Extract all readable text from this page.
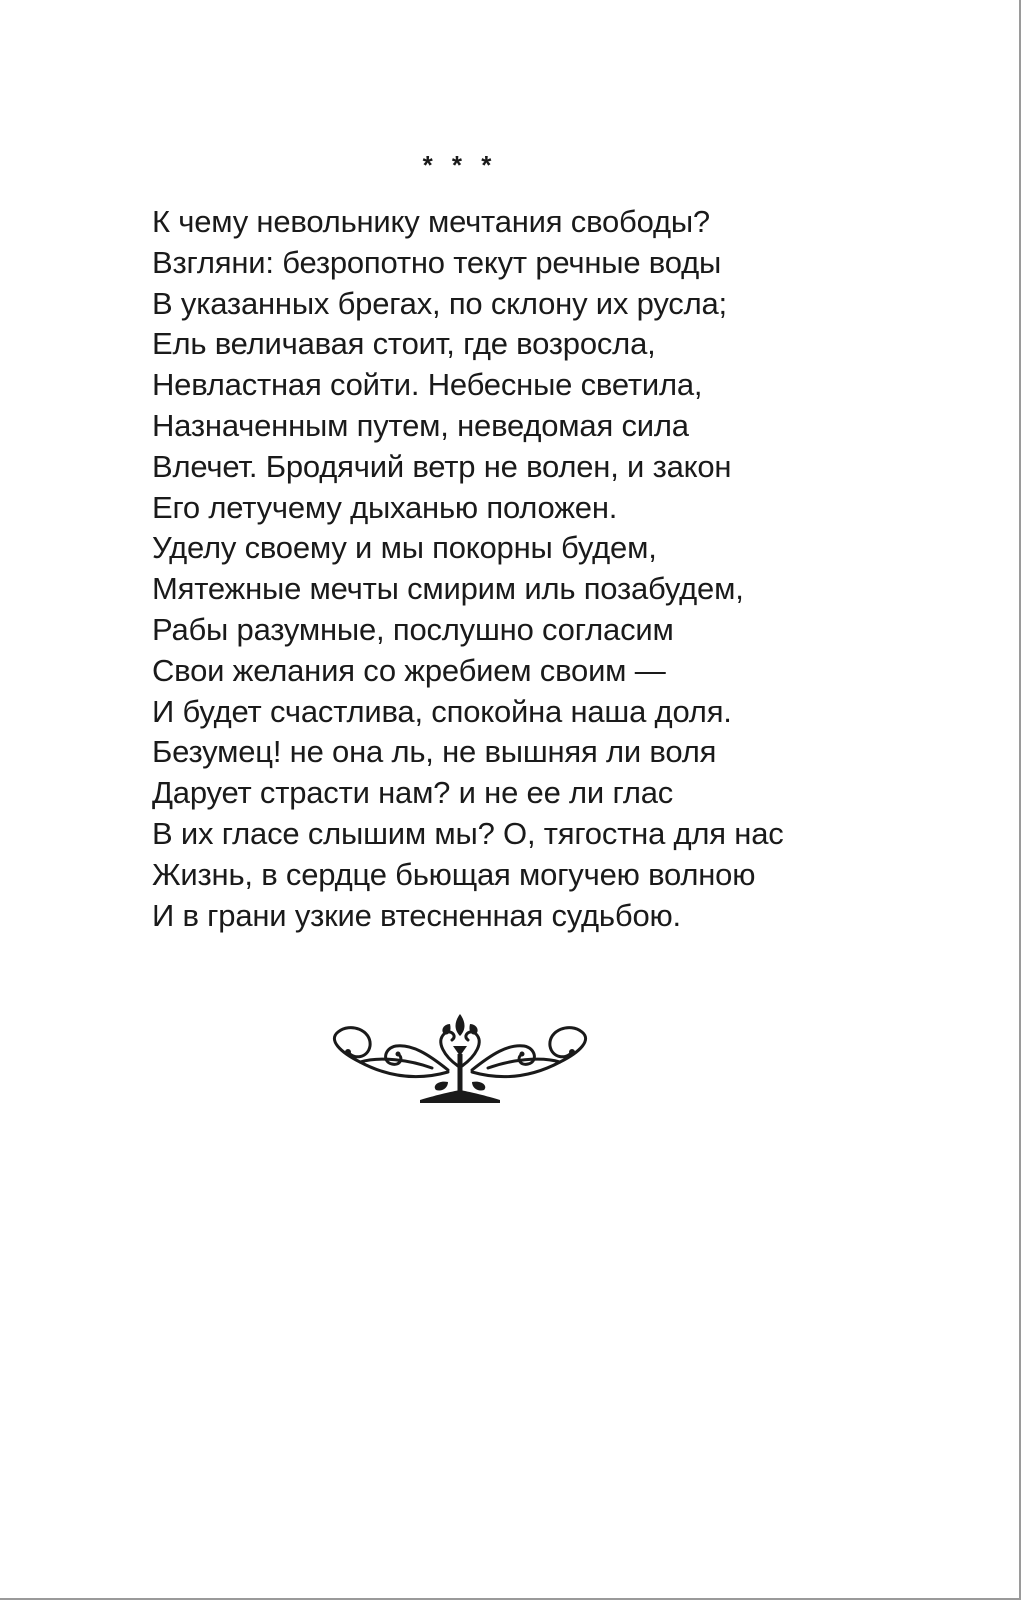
* * *
К чему невольнику мечтания свободы?
Взгляни: безропотно текут речные воды
В указанных брегах, по склону их русла;
Ель величавая стоит, где возросла,
Невластная сойти. Небесные светила,
Назначенным путем, неведомая сила
Влечет. Бродячий ветр не волен, и закон
Его летучему дыханью положен.
Уделу своему и мы покорны будем,
Мятежные мечты смирим иль позабудем,
Рабы разумные, послушно согласим
Свои желания со жребием своим —
И будет счастлива, спокойна наша доля.
Безумец! не она ль, не вышняя ли воля
Дарует страсти нам? и не ее ли глас
В их гласе слышим мы? О, тягостна для нас
Жизнь, в сердце бьющая могучею волною
И в грани узкие втесненная судьбою.
